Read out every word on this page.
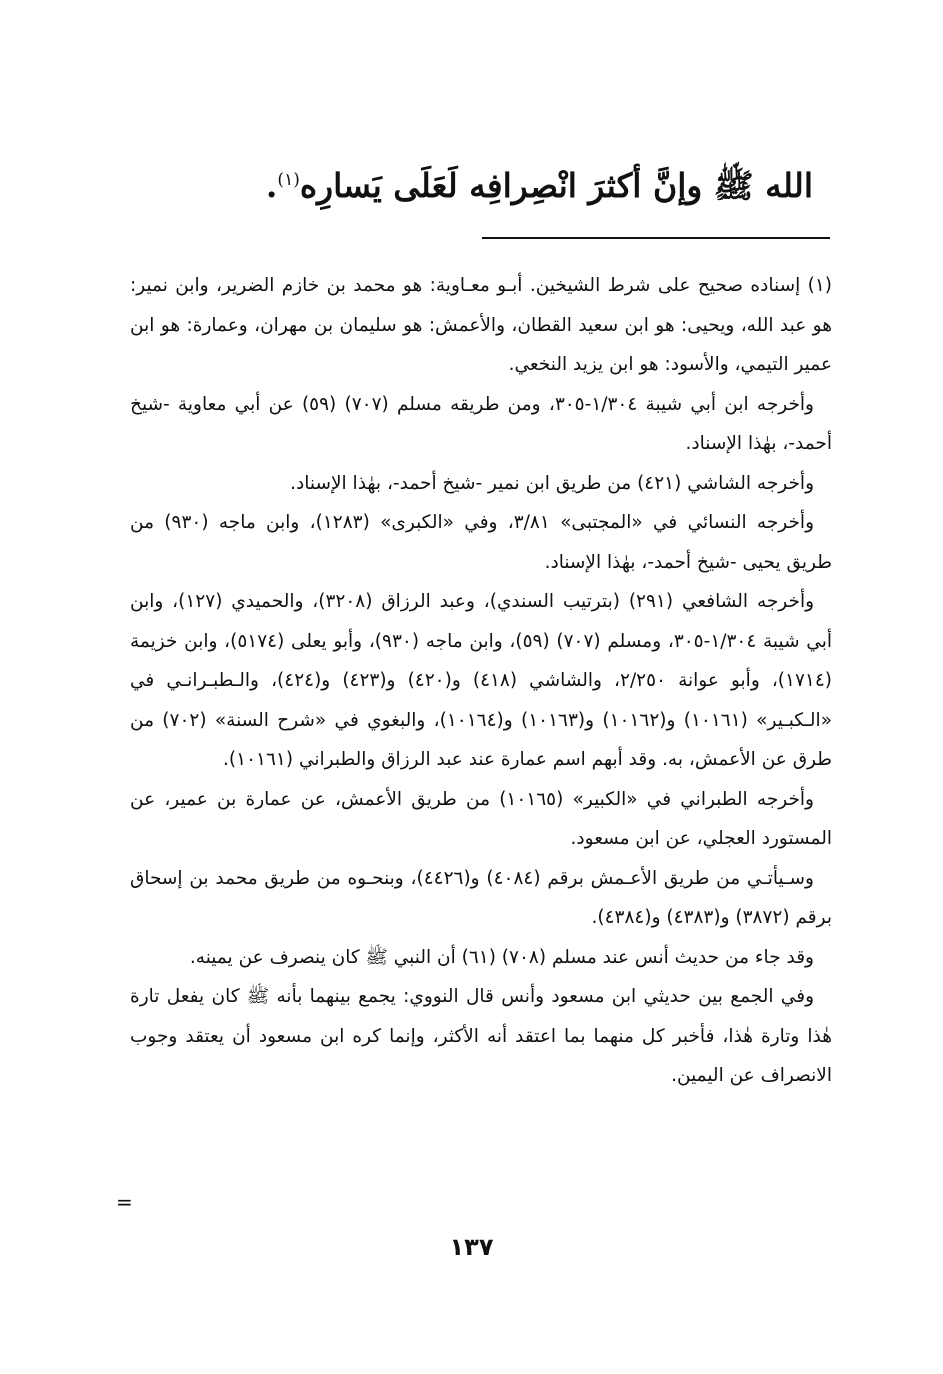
الله ﷺ وإنَّ أكثرَ انْصِرافِه لَعَلَى يَسارِه$^{(١)}$.

(١) إسناده صحيح على شرط الشيخين. أبـو معـاوية: هو محمد بن خازم الضرير، وابن نمير: هو عبد الله، ويحيى: هو ابن سعيد القطان، والأعمش: هو سليمان بن مهران، وعمارة: هو ابن عمير التيمي، والأسود: هو ابن يزيد النخعي.

وأخرجه ابن أبي شيبة ١/٣٠٤-٣٠٥، ومن طريقه مسلم (٧٠٧) (٥٩) عن أبي معاوية -شيخ أحمد-، بهٰذا الإسناد.

وأخرجه الشاشي (٤٢١) من طريق ابن نمير -شيخ أحمد-، بهٰذا الإسناد.

وأخرجه النسائي في «المجتبى» ٣/٨١، وفي «الكبرى» (١٢٨٣)، وابن ماجه (٩٣٠) من طريق يحيى -شيخ أحمد-، بهٰذا الإسناد.

وأخرجه الشافعي (٢٩١) (بترتيب السندي)، وعبد الرزاق (٣٢٠٨)، والحميدي (١٢٧)، وابن أبي شيبة ١/٣٠٤-٣٠٥، ومسلم (٧٠٧) (٥٩)، وابن ماجه (٩٣٠)، وأبو يعلى (٥١٧٤)، وابن خزيمة (١٧١٤)، وأبو عوانة ٢/٢٥٠، والشاشي (٤١٨) و(٤٢٠) و(٤٢٣) و(٤٢٤)، والـطبـرانـي في «الـكبـير» (١٠١٦١) و(١٠١٦٢) و(١٠١٦٣) و(١٠١٦٤)، والبغوي في «شرح السنة» (٧٠٢) من طرق عن الأعمش، به. وقد أبهم اسم عمارة عند عبد الرزاق والطبراني (١٠١٦١).

وأخرجه الطبراني في «الكبير» (١٠١٦٥) من طريق الأعمش، عن عمارة بن عمير، عن المستورد العجلي، عن ابن مسعود.

وسـيأتـي من طريق الأعـمش برقم (٤٠٨٤) و(٤٤٢٦)، وبنحـوه من طريق محمد بن إسحاق برقم (٣٨٧٢) و(٤٣٨٣) و(٤٣٨٤).

وقد جاء من حديث أنس عند مسلم (٧٠٨) (٦١) أن النبي ﷺ كان ينصرف عن يمينه.

وفي الجمع بين حديثي ابن مسعود وأنس قال النووي: يجمع بينهما بأنه ﷺ كان يفعل تارة هٰذا وتارة هٰذا، فأخبر كل منهما بما اعتقد أنه الأكثر، وإنما كره ابن مسعود أن يعتقد وجوب الانصراف عن اليمين.

=
١٣٧
